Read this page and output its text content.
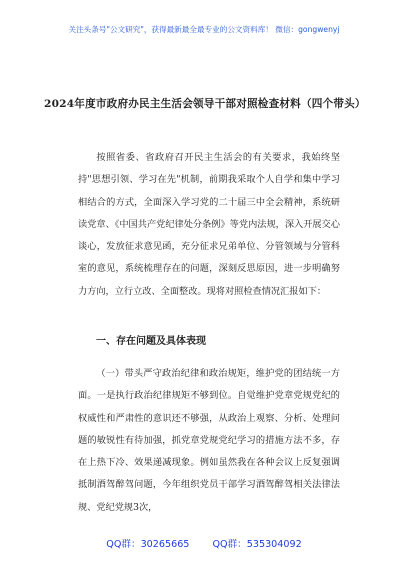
关注头条号"公文研究"，获得最新最全最专业的公文资料库！ 微信：gongwenyj
2024年度市政府办民主生活会领导干部对照检查材料（四个带头）
按照省委、省政府召开民主生活会的有关要求，我始终坚持"思想引领、学习在先"机制，前期我采取个人自学和集中学习相结合的方式，全面深入学习党的二十届三中全会精神，系统研读党章、《中国共产党纪律处分条例》等党内法规，深入开展交心谈心，发放征求意见函，充分征求兄弟单位、分管领域与分管科室的意见，系统梳理存在的问题，深刻反思原因，进一步明确努力方向，立行立改、全面整改。现将对照检查情况汇报如下：
一、存在问题及具体表现
（一）带头严守政治纪律和政治规矩，维护党的团结统一方面。一是执行政治纪律规矩不够到位。自觉维护党章党规党纪的权威性和严肃性的意识还不够强，从政治上观察、分析、处理问题的敏锐性有待加强，抓党章党规党纪学习的措施方法不多，存在上热下冷、效果递减现象。例如虽然我在各种会议上反复强调抵制酒驾醉驾问题，今年组织党员干部学习酒驾醉驾相关法律法规、党纪党规3次，
QQ群：30265665 QQ群：535304092
